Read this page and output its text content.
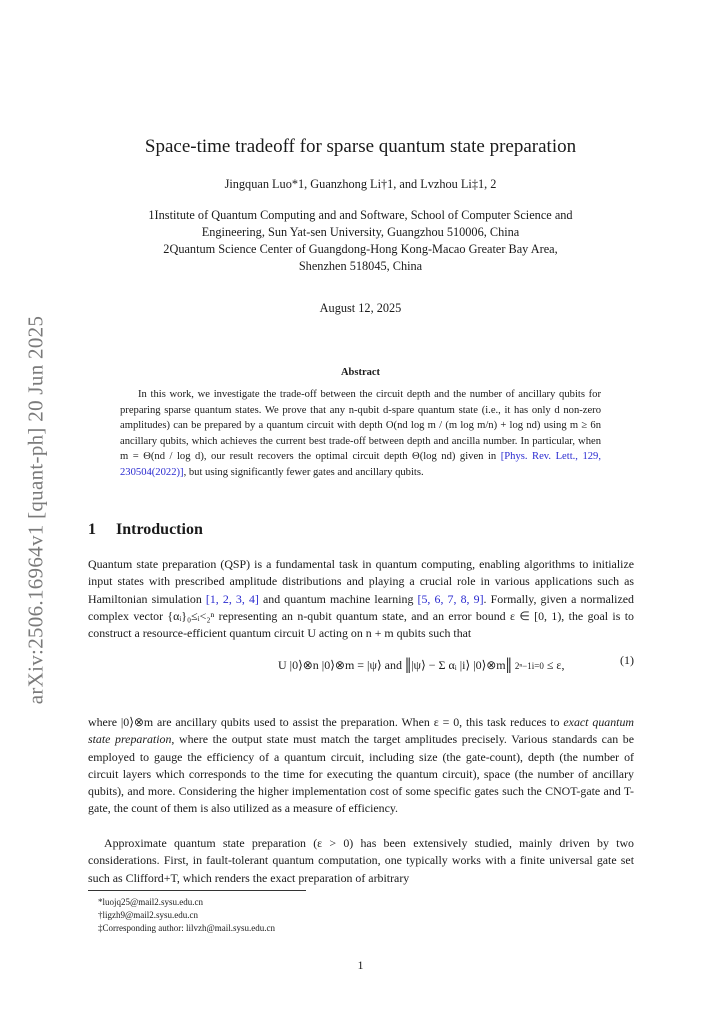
arXiv:2506.16964v1 [quant-ph] 20 Jun 2025
Space-time tradeoff for sparse quantum state preparation
Jingquan Luo*1, Guanzhong Li†1, and Lvzhou Li‡1, 2
1Institute of Quantum Computing and and Software, School of Computer Science and
Engineering, Sun Yat-sen University, Guangzhou 510006, China
2Quantum Science Center of Guangdong-Hong Kong-Macao Greater Bay Area,
Shenzhen 518045, China
August 12, 2025
Abstract

In this work, we investigate the trade-off between the circuit depth and the number of ancillary qubits for preparing sparse quantum states. We prove that any n-qubit d-spare quantum state (i.e., it has only d non-zero amplitudes) can be prepared by a quantum circuit with depth O(nd log m / (m log m/n) + log nd) using m ≥ 6n ancillary qubits, which achieves the current best trade-off between depth and ancilla number. In particular, when m = Θ(nd / log d), our result recovers the optimal circuit depth Θ(log nd) given in [Phys. Rev. Lett., 129, 230504(2022)], but using significantly fewer gates and ancillary qubits.

1 Introduction

Quantum state preparation (QSP) is a fundamental task in quantum computing, enabling algorithms to initialize input states with prescribed amplitude distributions and playing a crucial role in various applications such as Hamiltonian simulation [1, 2, 3, 4] and quantum machine learning [5, 6, 7, 8, 9]. Formally, given a normalized complex vector {αᵢ}₀≤ᵢ<₂ⁿ representing an n-qubit quantum state, and an error bound ε ∈ [0, 1), the goal is to construct a resource-efficient quantum circuit U acting on n + m qubits such that

U |0⟩⊗n |0⟩⊗m = |ψ⟩ and ‖|ψ⟩ − Σ αᵢ |i⟩ |0⟩⊗m‖ 2ⁿ−1i=0 ≤ ε,	(1)

where |0⟩⊗m are ancillary qubits used to assist the preparation. When ε = 0, this task reduces to exact quantum state preparation, where the output state must match the target amplitudes precisely. Various standards can be employed to gauge the efficiency of a quantum circuit, including size (the gate-count), depth (the number of circuit layers which corresponds to the time for executing the quantum circuit), space (the number of ancillary qubits), and more. Considering the higher implementation cost of some specific gates such the CNOT-gate and T-gate, the count of them is also utilized as a measure of efficiency.

Approximate quantum state preparation (ε > 0) has been extensively studied, mainly driven by two considerations. First, in fault-tolerant quantum computation, one typically works with a finite universal gate set such as Clifford+T, which renders the exact preparation of arbitrary

*luojq25@mail2.sysu.edu.cn
†ligzh9@mail2.sysu.edu.cn
‡Corresponding author: lilvzh@mail.sysu.edu.cn
1
